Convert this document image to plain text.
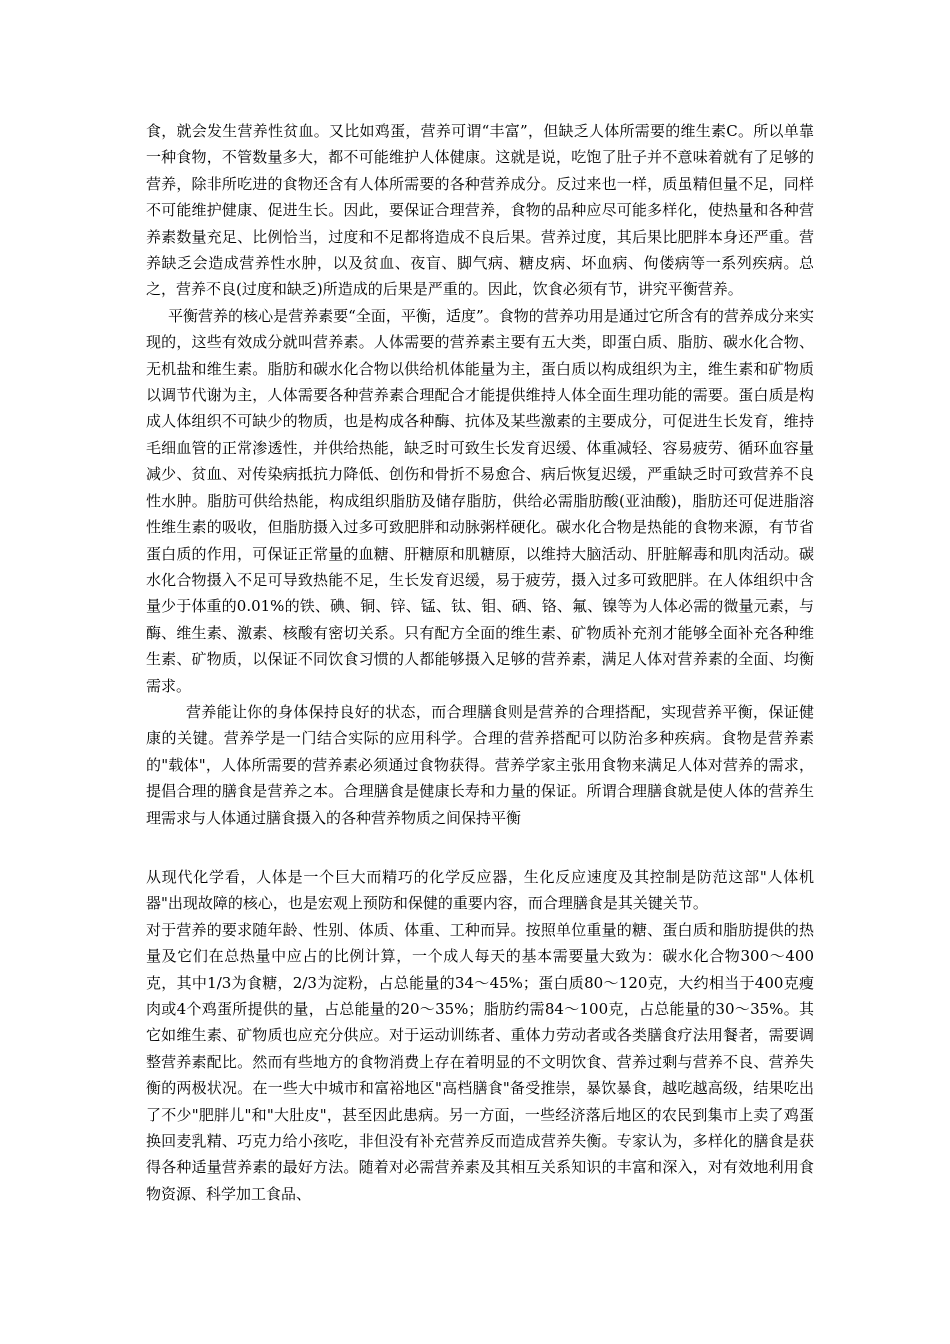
食，就会发生营养性贫血。又比如鸡蛋，营养可谓“丰富”，但缺乏人体所需要的维生素C。所以单靠一种食物，不管数量多大，都不可能维护人体健康。这就是说，吃饱了肚子并不意味着就有了足够的营养，除非所吃进的食物还含有人体所需要的各种营养成分。反过来也一样，质虽精但量不足，同样不可能维护健康、促进生长。因此，要保证合理营养，食物的品种应尽可能多样化，使热量和各种营养素数量充足、比例恰当，过度和不足都将造成不良后果。营养过度，其后果比肥胖本身还严重。营养缺乏会造成营养性水肿，以及贫血、夜盲、脚气病、糖皮病、坏血病、佝偻病等一系列疾病。总之，营养不良(过度和缺乏)所造成的后果是严重的。因此，饮食必须有节，讲究平衡营养。

平衡营养的核心是营养素要“全面，平衡，适度”。食物的营养功用是通过它所含有的营养成分来实现的，这些有效成分就叫营养素。人体需要的营养素主要有五大类，即蛋白质、脂肪、碳水化合物、无机盐和维生素。脂肪和碳水化合物以供给机体能量为主，蛋白质以构成组织为主，维生素和矿物质以调节代谢为主，人体需要各种营养素合理配合才能提供维持人体全面生理功能的需要。蛋白质是构成人体组织不可缺少的物质，也是构成各种酶、抗体及某些激素的主要成分，可促进生长发育，维持毛细血管的正常渗透性，并供给热能，缺乏时可致生长发育迟缓、体重减轻、容易疲劳、循环血容量减少、贫血、对传染病抵抗力降低、创伤和骨折不易愈合、病后恢复迟缓，严重缺乏时可致营养不良性水肿。脂肪可供给热能，构成组织脂肪及储存脂肪，供给必需脂肪酸(亚油酸)，脂肪还可促进脂溶性维生素的吸收，但脂肪摄入过多可致肥胖和动脉粥样硬化。碳水化合物是热能的食物来源，有节省蛋白质的作用，可保证正常量的血糖、肝糖原和肌糖原，以维持大脑活动、肝脏解毒和肌肉活动。碳水化合物摄入不足可导致热能不足，生长发育迟缓，易于疲劳，摄入过多可致肥胖。在人体组织中含量少于体重的0.01%的铁、碘、铜、锌、锰、钛、钼、硒、铬、氟、镍等为人体必需的微量元素，与酶、维生素、激素、核酸有密切关系。只有配方全面的维生素、矿物质补充剂才能够全面补充各种维生素、矿物质，以保证不同饮食习惯的人都能够摄入足够的营养素，满足人体对营养素的全面、均衡需求。

营养能让你的身体保持良好的状态，而合理膳食则是营养的合理搭配，实现营养平衡，保证健康的关键。营养学是一门结合实际的应用科学。合理的营养搭配可以防治多种疾病。食物是营养素的"载体"，人体所需要的营养素必须通过食物获得。营养学家主张用食物来满足人体对营养的需求，提倡合理的膳食是营养之本。合理膳食是健康长寿和力量的保证。所谓合理膳食就是使人体的营养生理需求与人体通过膳食摄入的各种营养物质之间保持平衡

从现代化学看，人体是一个巨大而精巧的化学反应器，生化反应速度及其控制是防范这部"人体机器"出现故障的核心，也是宏观上预防和保健的重要内容，而合理膳食是其关键关节。

对于营养的要求随年龄、性别、体质、体重、工种而异。按照单位重量的糖、蛋白质和脂肪提供的热量及它们在总热量中应占的比例计算，一个成人每天的基本需要量大致为：碳水化合物300～400克，其中1/3为食糖，2/3为淀粉，占总能量的34～45%；蛋白质80～120克，大约相当于400克瘦肉或4个鸡蛋所提供的量，占总能量的20～35%；脂肪约需84～100克，占总能量的30～35%。其它如维生素、矿物质也应充分供应。对于运动训练者、重体力劳动者或各类膳食疗法用餐者，需要调整营养素配比。然而有些地方的食物消费上存在着明显的不文明饮食、营养过剩与营养不良、营养失衡的两极状况。在一些大中城市和富裕地区"高档膳食"备受推崇，暴饮暴食，越吃越高级，结果吃出了不少"肥胖儿"和"大肚皮"，甚至因此患病。另一方面，一些经济落后地区的农民到集市上卖了鸡蛋换回麦乳精、巧克力给小孩吃，非但没有补充营养反而造成营养失衡。专家认为，多样化的膳食是获得各种适量营养素的最好方法。随着对必需营养素及其相互关系知识的丰富和深入，对有效地利用食物资源、科学加工食品、
